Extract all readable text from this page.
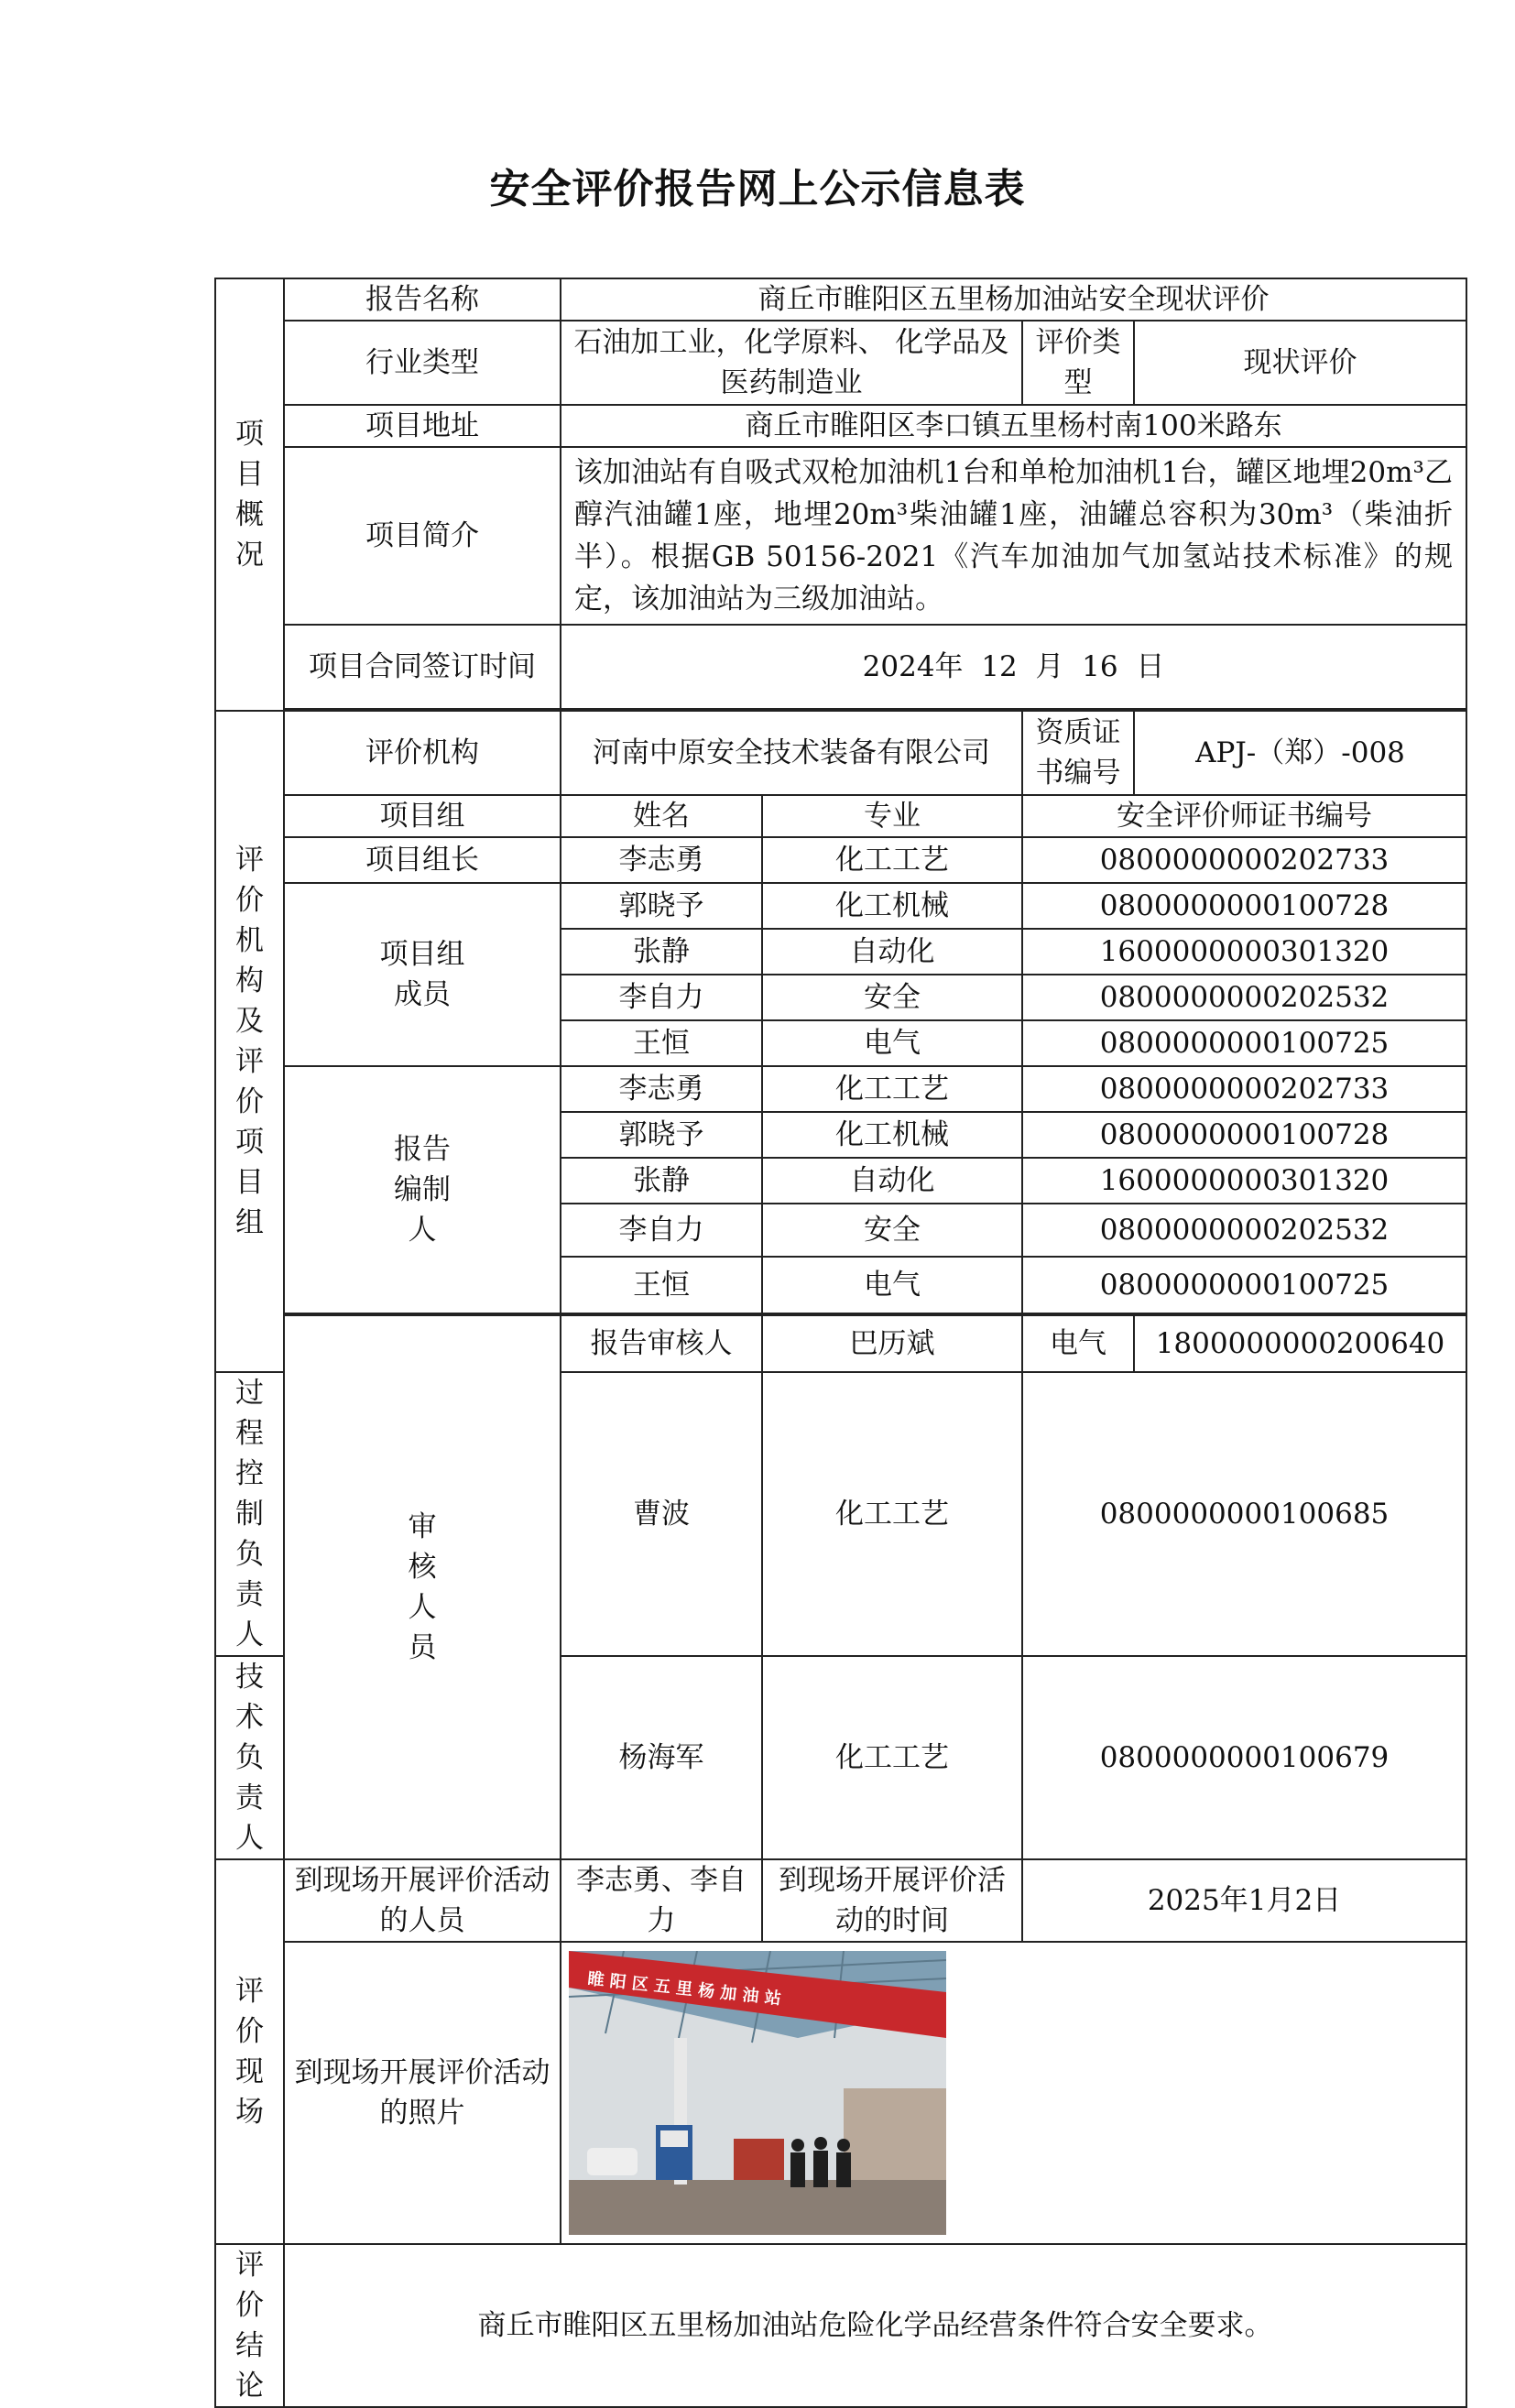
安全评价报告网上公示信息表
项目概况	报告名称	商丘市睢阳区五里杨加油站安全现状评价			
	行业类型	石油加工业，化学原料、 化学品及医药制造业		评价类型	现状评价
	项目地址	商丘市睢阳区李口镇五里杨村南100米路东			
	项目简介	该加油站有自吸式双枪加油机1台和单枪加油机1台，罐区地埋20m³乙醇汽油罐1座，地埋20m³柴油罐1座，油罐总容积为30m³（柴油折半）。根据GB 50156-2021《汽车加油加气加氢站技术标准》的规定，该加油站为三级加油站。			
	项目合同签订时间	2024年 12 月 16 日			

评价机构及评价项目组	评价机构	河南中原安全技术装备有限公司		资质证书编号	APJ-（郑）-008
	项目组	姓名	专业	安全评价师证书编号	
	项目组长	李志勇	化工工艺	0800000000202733	
	项目组成员	郭晓予	化工机械	0800000000100728	
		张静	自动化	1600000000301320	
		李自力	安全	0800000000202532	
		王恒	电气	0800000000100725	
	报告编制人	李志勇	化工工艺	0800000000202733	
		郭晓予	化工机械	0800000000100728	
		张静	自动化	1600000000301320	
		李自力	安全	0800000000202532	
		王恒	电气	0800000000100725	

	审核人员	报告审核人	巴历斌	电气	1800000000200640
过程控制负责人		曹波	化工工艺	0800000000100685	
技术负责人		杨海军	化工工艺	0800000000100679	
评价现场	到现场开展评价活动的人员	李志勇、李自力	到现场开展评价活动的时间	2025年1月2日	
	到现场开展评价活动的照片	睢 阳 区 五 里 杨 加 油 站			

评价结论	商丘市睢阳区五里杨加油站危险化学品经营条件符合安全要求。				
